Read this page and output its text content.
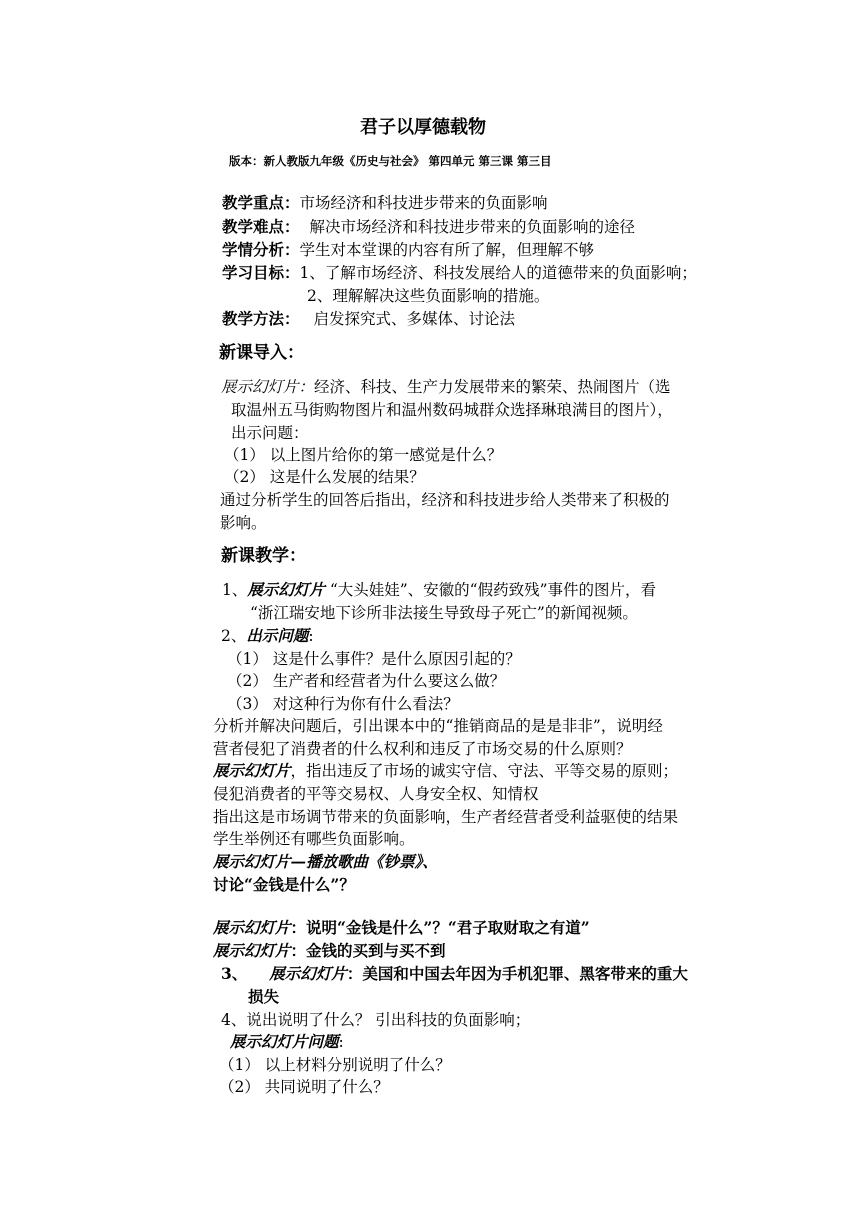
君子以厚德载物
版本：新人教版九年级《历史与社会》 第四单元 第三课 第三目
教学重点：市场经济和科技进步带来的负面影响
教学难点： 解决市场经济和科技进步带来的负面影响的途径
学情分析：学生对本堂课的内容有所了解，但理解不够
学习目标：1、了解市场经济、科技发展给人的道德带来的负面影响；
2、理解解决这些负面影响的措施。
教学方法： 启发探究式、多媒体、讨论法
新课导入：
展示幻灯片：经济、科技、生产力发展带来的繁荣、热闹图片（选
取温州五马街购物图片和温州数码城群众选择琳琅满目的图片），
出示问题：
（1） 以上图片给你的第一感觉是什么？
（2） 这是什么发展的结果？
通过分析学生的回答后指出，经济和科技进步给人类带来了积极的
影响。
新课教学：
1、展示幻灯片 “大头娃娃”、安徽的“假药致残”事件的图片，看
“浙江瑞安地下诊所非法接生导致母子死亡”的新闻视频。
2、出示问题:
（1） 这是什么事件？是什么原因引起的？
（2） 生产者和经营者为什么要这么做？
（3） 对这种行为你有什么看法？
分析并解决问题后，引出课本中的“推销商品的是是非非”，说明经
营者侵犯了消费者的什么权利和违反了市场交易的什么原则？
展示幻灯片，指出违反了市场的诚实守信、守法、平等交易的原则；
侵犯消费者的平等交易权、人身安全权、知情权
指出这是市场调节带来的负面影响，生产者经营者受利益驱使的结果
学生举例还有哪些负面影响。
展示幻灯片—播放歌曲《钞票》、
讨论“金钱是什么”？
展示幻灯片：说明“金钱是什么”？“君子取财取之有道”
展示幻灯片：金钱的买到与买不到
3、 展示幻灯片：美国和中国去年因为手机犯罪、黑客带来的重大
损失
4、说出说明了什么？ 引出科技的负面影响；
展示幻灯片问题:
（1） 以上材料分别说明了什么？
（2） 共同说明了什么？
